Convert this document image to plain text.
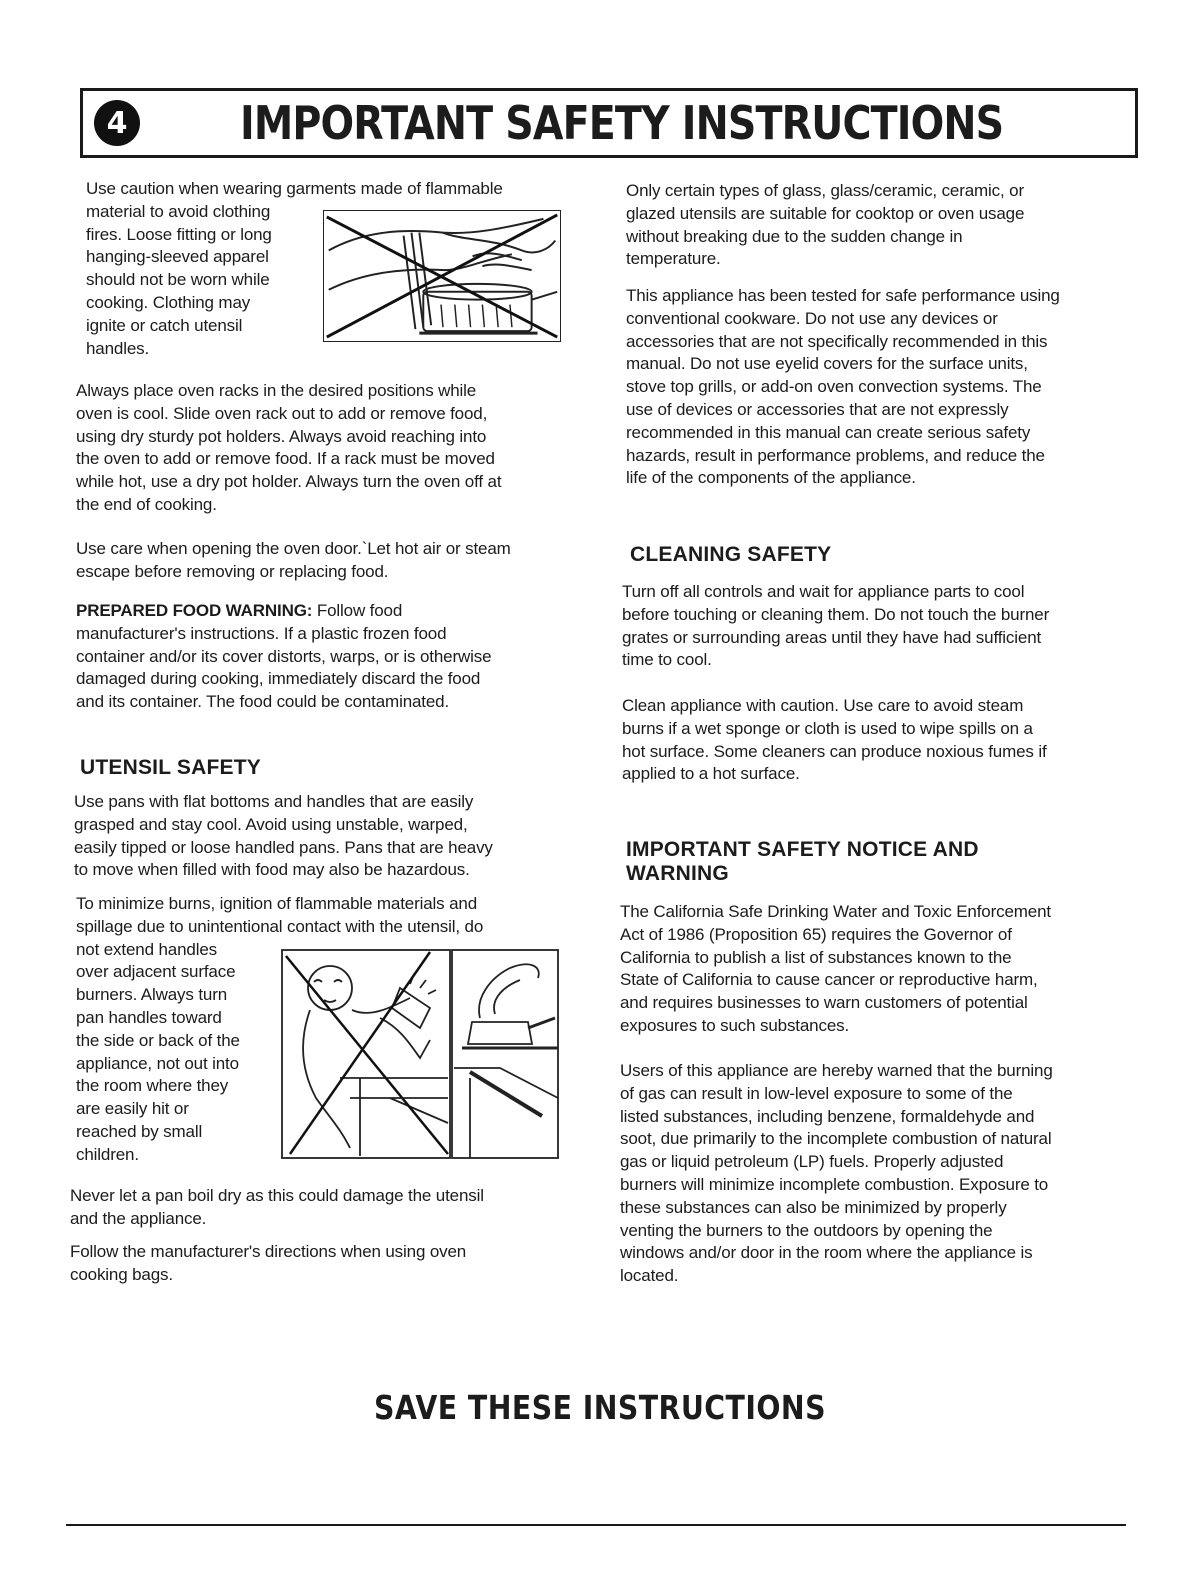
4 IMPORTANT SAFETY INSTRUCTIONS

Use caution when wearing garments made of flammable

material to avoid clothing

fires. Loose fitting or long

hanging-sleeved apparel

should not be worn while

cooking. Clothing may

ignite or catch utensil

handles.

Always place oven racks in the desired positions while

oven is cool. Slide oven rack out to add or remove food,

using dry sturdy pot holders. Always avoid reaching into

the oven to add or remove food. If a rack must be moved

while hot, use a dry pot holder. Always turn the oven off at

the end of cooking.

Use care when opening the oven door.`Let hot air or steam

escape before removing or replacing food.

PREPARED FOOD WARNING: Follow food

manufacturer's instructions. If a plastic frozen food

container and/or its cover distorts, warps, or is otherwise

damaged during cooking, immediately discard the food

and its container. The food could be contaminated.

UTENSIL SAFETY

Use pans with flat bottoms and handles that are easily

grasped and stay cool. Avoid using unstable, warped,

easily tipped or loose handled pans. Pans that are heavy

to move when filled with food may also be hazardous.

To minimize burns, ignition of flammable materials and

spillage due to unintentional contact with the utensil, do

not extend handles

over adjacent surface

burners. Always turn

pan handles toward

the side or back of the

appliance, not out into

the room where they

are easily hit or

reached by small

children.

Never let a pan boil dry as this could damage the utensil

and the appliance.

Follow the manufacturer's directions when using oven

cooking bags.

Only certain types of glass, glass/ceramic, ceramic, or

glazed utensils are suitable for cooktop or oven usage

without breaking due to the sudden change in

temperature.

This appliance has been tested for safe performance using

conventional cookware. Do not use any devices or

accessories that are not specifically recommended in this

manual. Do not use eyelid covers for the surface units,

stove top grills, or add-on oven convection systems. The

use of devices or accessories that are not expressly

recommended in this manual can create serious safety

hazards, result in performance problems, and reduce the

life of the components of the appliance.

CLEANING SAFETY

Turn off all controls and wait for appliance parts to cool

before touching or cleaning them. Do not touch the burner

grates or surrounding areas until they have had sufficient

time to cool.

Clean appliance with caution. Use care to avoid steam

burns if a wet sponge or cloth is used to wipe spills on a

hot surface. Some cleaners can produce noxious fumes if

applied to a hot surface.

IMPORTANT SAFETY NOTICE AND
WARNING

The California Safe Drinking Water and Toxic Enforcement

Act of 1986 (Proposition 65) requires the Governor of

California to publish a list of substances known to the

State of California to cause cancer or reproductive harm,

and requires businesses to warn customers of potential

exposures to such substances.

Users of this appliance are hereby warned that the burning

of gas can result in low-level exposure to some of the

listed substances, including benzene, formaldehyde and

soot, due primarily to the incomplete combustion of natural

gas or liquid petroleum (LP) fuels. Properly adjusted

burners will minimize incomplete combustion. Exposure to

these substances can also be minimized by properly

venting the burners to the outdoors by opening the

windows and/or door in the room where the appliance is

located.

SAVE THESE INSTRUCTIONS
